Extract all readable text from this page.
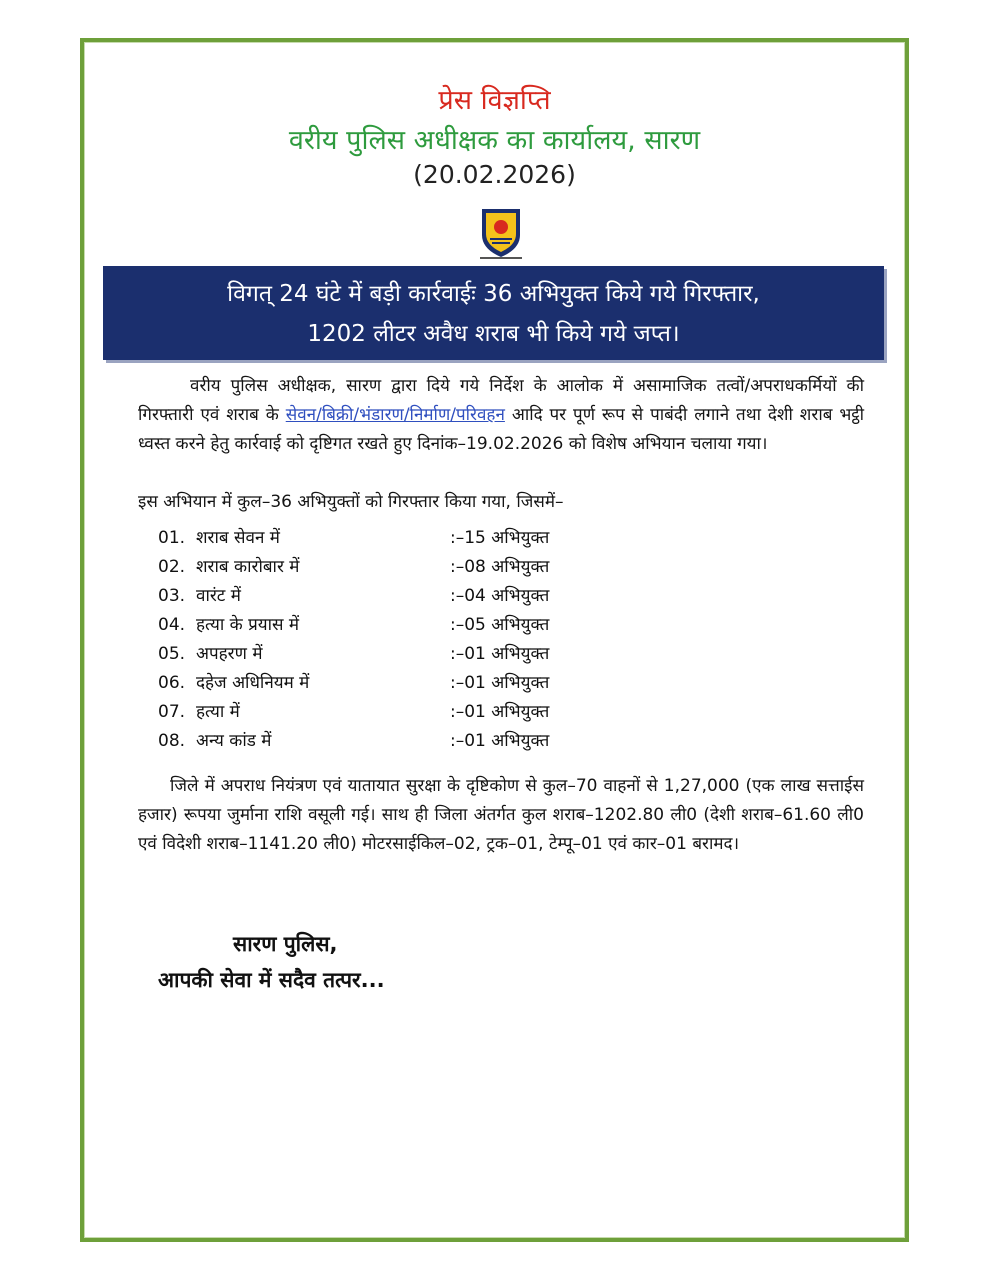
प्रेस विज्ञप्ति
वरीय पुलिस अधीक्षक का कार्यालय, सारण
(20.02.2026)
विगत् 24 घंटे में बड़ी कार्रवाईः 36 अभियुक्त किये गये गिरफ्तार,
1202 लीटर अवैध शराब भी किये गये जप्त।
वरीय पुलिस अधीक्षक, सारण द्वारा दिये गये निर्देश के आलोक में असामाजिक तत्वों/अपराधकर्मियों की गिरफ्तारी एवं शराब के सेवन/बिक्री/भंडारण/निर्माण/परिवहन आदि पर पूर्ण रूप से पाबंदी लगाने तथा देशी शराब भट्ठी ध्वस्त करने हेतु कार्रवाई को दृष्टिगत रखते हुए दिनांक–19.02.2026 को विशेष अभियान चलाया गया।
इस अभियान में कुल–36 अभियुक्तों को गिरफ्तार किया गया, जिसमें–
01. शराब सेवन में	:–15 अभियुक्त
02. शराब कारोबार में	:–08 अभियुक्त
03. वारंट में	:–04 अभियुक्त
04. हत्या के प्रयास में	:–05 अभियुक्त
05. अपहरण में	:–01 अभियुक्त
06. दहेज अधिनियम में	:–01 अभियुक्त
07. हत्या में	:–01 अभियुक्त
08. अन्य कांड में	:–01 अभियुक्त
जिले में अपराध नियंत्रण एवं यातायात सुरक्षा के दृष्टिकोण से कुल–70 वाहनों से 1,27,000 (एक लाख सत्ताईस हजार) रूपया जुर्माना राशि वसूली गई। साथ ही जिला अंतर्गत कुल शराब–1202.80 ली0 (देशी शराब–61.60 ली0 एवं विदेशी शराब–1141.20 ली0) मोटरसाईकिल–02, ट्रक–01, टेम्पू–01 एवं कार–01 बरामद।
सारण पुलिस,
आपकी सेवा में सदैव तत्पर...
